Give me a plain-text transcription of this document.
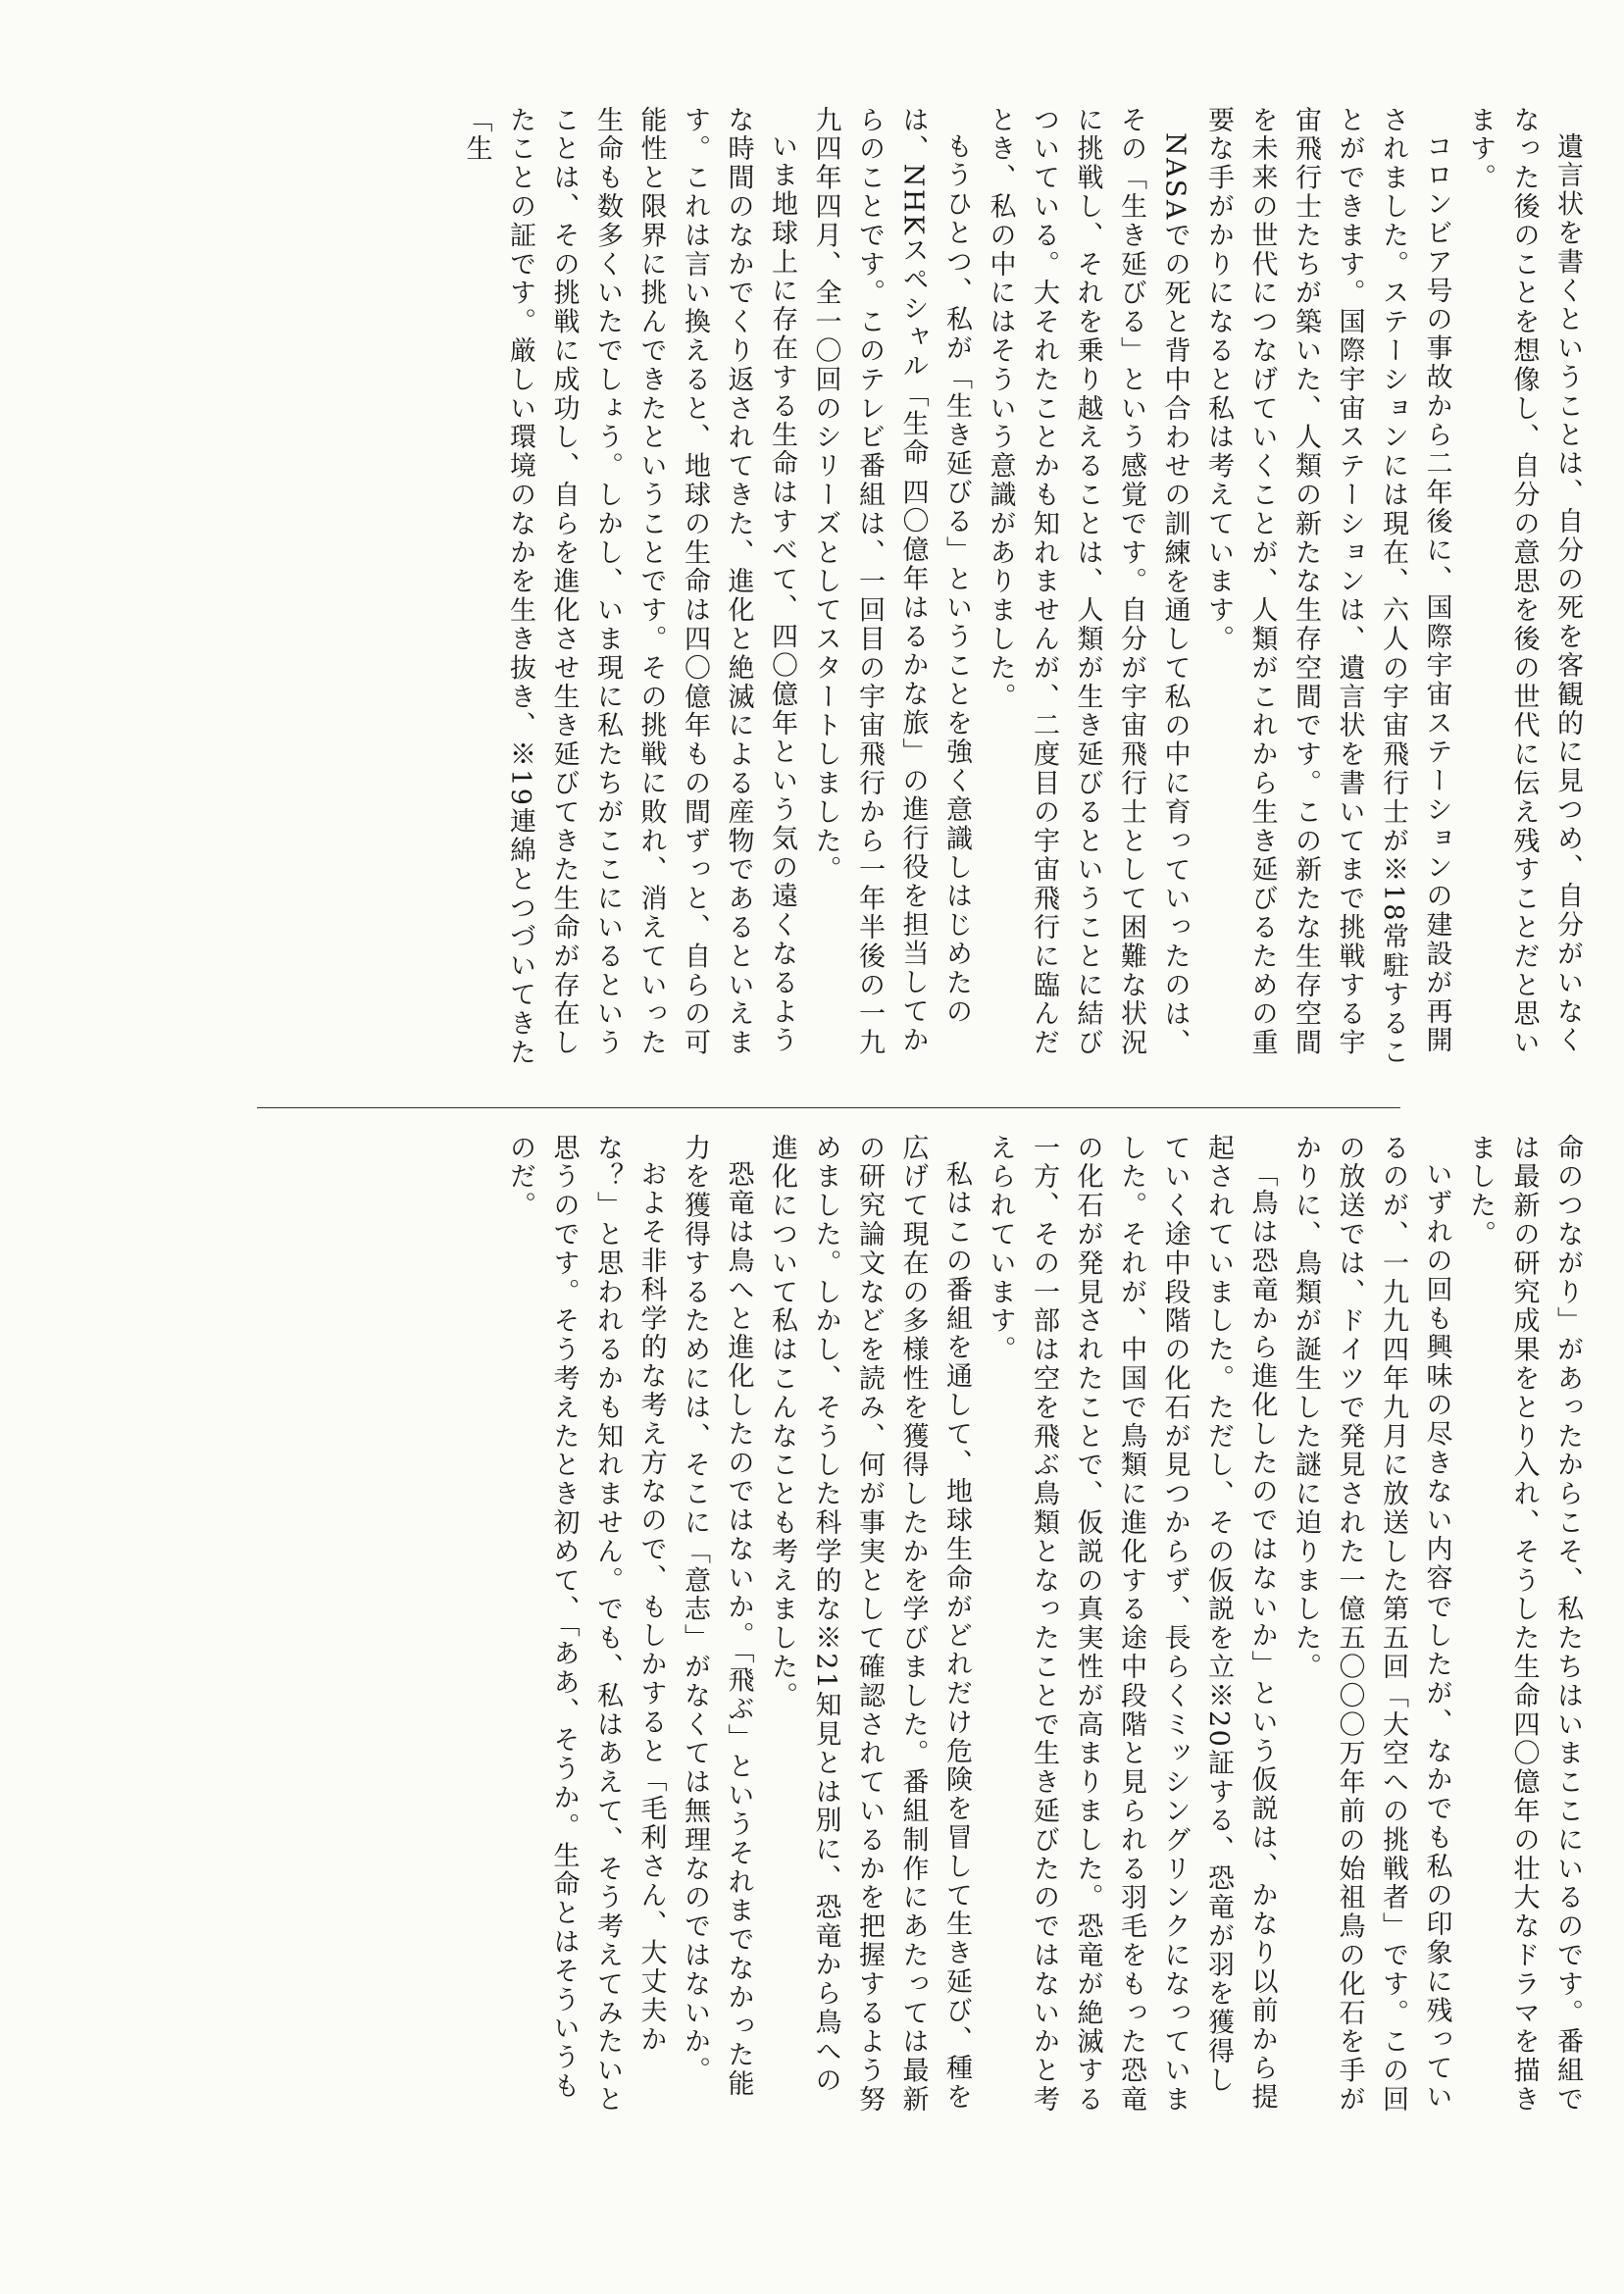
遺言状を書くということは、自分の死を客観的に見つめ、自分がいなくなった後のことを想像し、自分の意思を後の世代に伝え残すことだと思います。

コロンビア号の事故から二年後に、国際宇宙ステーションの建設が再開されました。ステーションには現在、六人の宇宙飛行士が※18常駐することができます。国際宇宙ステーションは、遺言状を書いてまで挑戦する宇宙飛行士たちが築いた、人類の新たな生存空間です。この新たな生存空間を未来の世代につなげていくことが、人類がこれから生き延びるための重要な手がかりになると私は考えています。

NASAでの死と背中合わせの訓練を通して私の中に育っていったのは、その「生き延びる」という感覚です。自分が宇宙飛行士として困難な状況に挑戦し、それを乗り越えることは、人類が生き延びるということに結びついている。大それたことかも知れませんが、二度目の宇宙飛行に臨んだとき、私の中にはそういう意識がありました。

もうひとつ、私が「生き延びる」ということを強く意識しはじめたのは、NHKスペシャル「生命 四〇億年はるかな旅」の進行役を担当してからのことです。このテレビ番組は、一回目の宇宙飛行から一年半後の一九九四年四月、全一〇回のシリーズとしてスタートしました。

いま地球上に存在する生命はすべて、四〇億年という気の遠くなるような時間のなかでくり返されてきた、進化と絶滅による産物であるといえます。これは言い換えると、地球の生命は四〇億年もの間ずっと、自らの可能性と限界に挑んできたということです。その挑戦に敗れ、消えていった生命も数多くいたでしょう。しかし、いま現に私たちがここにいるということは、その挑戦に成功し、自らを進化させ生き延びてきた生命が存在したことの証です。厳しい環境のなかを生き抜き、※19連綿とつづいてきた「生

命のつながり」があったからこそ、私たちはいまここにいるのです。番組では最新の研究成果をとり入れ、そうした生命四〇億年の壮大なドラマを描きました。

いずれの回も興味の尽きない内容でしたが、なかでも私の印象に残っているのが、一九九四年九月に放送した第五回「大空への挑戦者」です。この回の放送では、ドイツで発見された一億五〇〇〇万年前の始祖鳥の化石を手がかりに、鳥類が誕生した謎に迫りました。

「鳥は恐竜から進化したのではないか」という仮説は、かなり以前から提起されていました。ただし、その仮説を立※20証する、恐竜が羽を獲得していく途中段階の化石が見つからず、長らくミッシングリンクになっていました。それが、中国で鳥類に進化する途中段階と見られる羽毛をもった恐竜の化石が発見されたことで、仮説の真実性が高まりました。恐竜が絶滅する一方、その一部は空を飛ぶ鳥類となったことで生き延びたのではないかと考えられています。

私はこの番組を通して、地球生命がどれだけ危険を冒して生き延び、種を広げて現在の多様性を獲得したかを学びました。番組制作にあたっては最新の研究論文などを読み、何が事実として確認されているかを把握するよう努めました。しかし、そうした科学的な※21知見とは別に、恐竜から鳥への進化について私はこんなことも考えました。

恐竜は鳥へと進化したのではないか。「飛ぶ」というそれまでなかった能力を獲得するためには、そこに「意志」がなくては無理なのではないか。

およそ非科学的な考え方なので、もしかすると「毛利さん、大丈夫かな？」と思われるかも知れません。でも、私はあえて、そう考えてみたいと思うのです。そう考えたとき初めて、「ああ、そうか。生命とはそういうものだ。
